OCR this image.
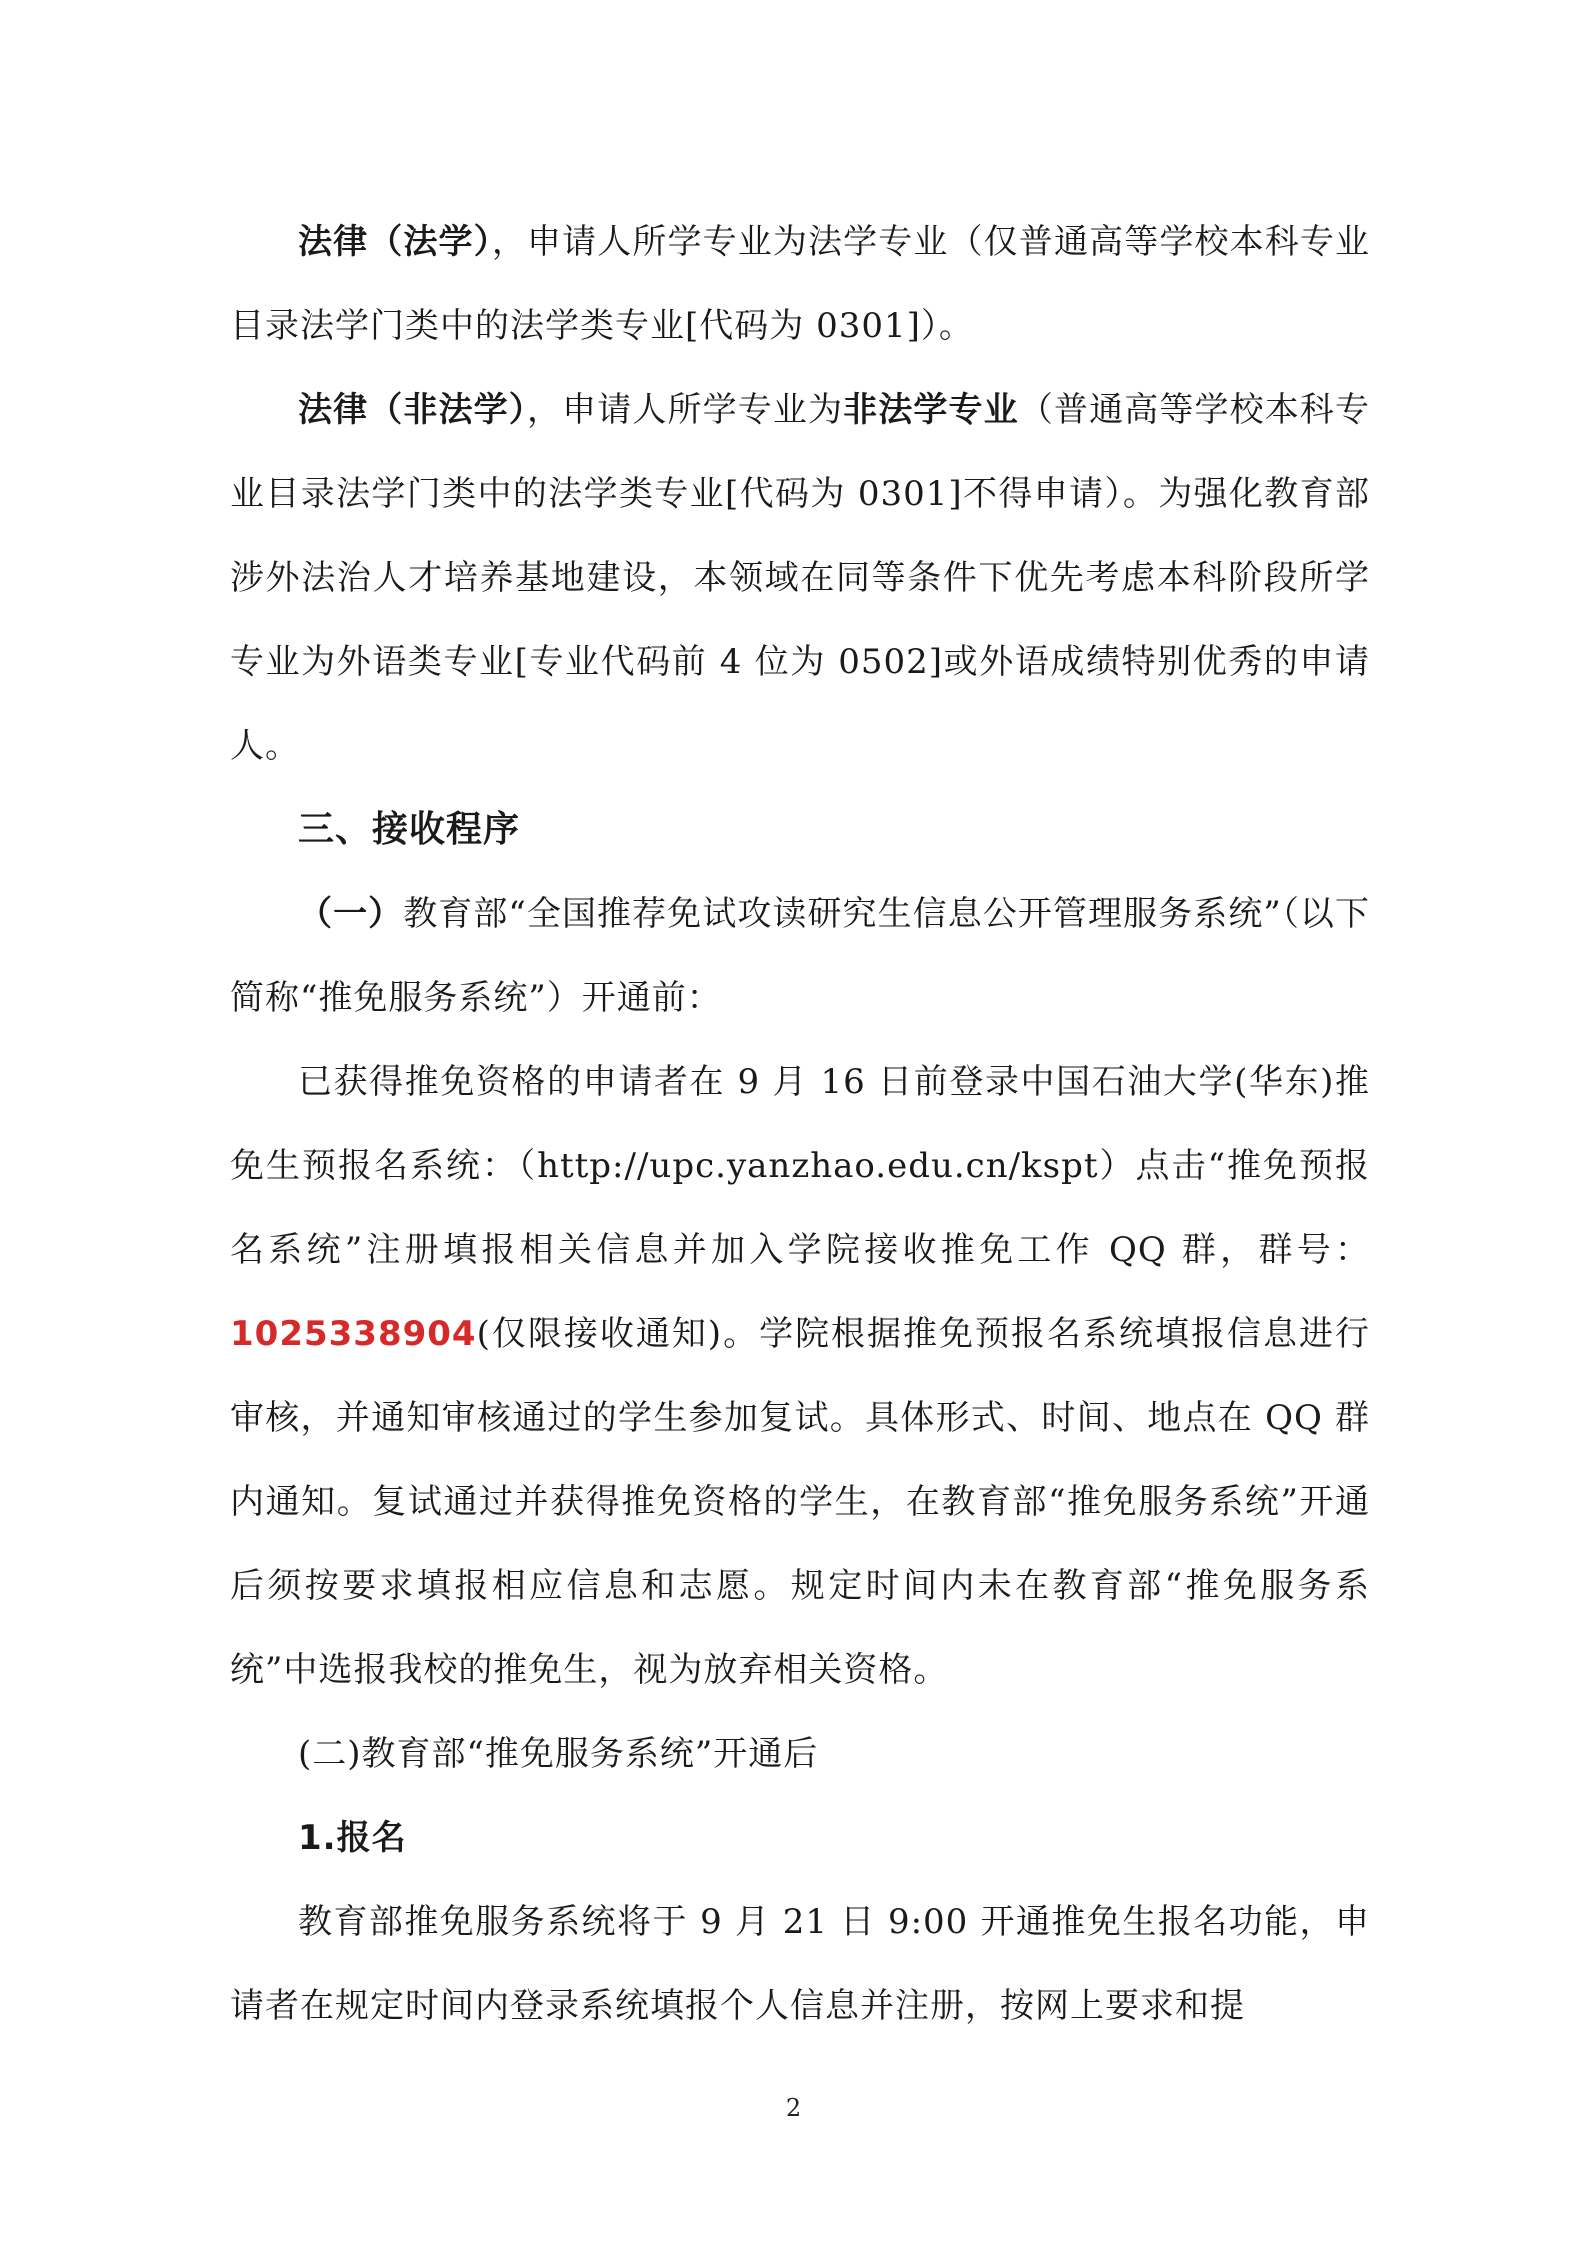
法律（法学），申请人所学专业为法学专业（仅普通高等学校本科专业目录法学门类中的法学类专业[代码为 0301]）。

法律（非法学），申请人所学专业为非法学专业（普通高等学校本科专业目录法学门类中的法学类专业[代码为 0301]不得申请）。为强化教育部涉外法治人才培养基地建设，本领域在同等条件下优先考虑本科阶段所学专业为外语类专业[专业代码前 4 位为 0502]或外语成绩特别优秀的申请人。

三、接收程序

（一）教育部“全国推荐免试攻读研究生信息公开管理服务系统”（以下简称“推免服务系统”）开通前：

已获得推免资格的申请者在 9 月 16 日前登录中国石油大学(华东)推免生预报名系统：（http://upc.yanzhao.edu.cn/kspt）点击“推免预报名系统”注册填报相关信息并加入学院接收推免工作 QQ 群，群号：1025338904(仅限接收通知)。学院根据推免预报名系统填报信息进行审核，并通知审核通过的学生参加复试。具体形式、时间、地点在 QQ 群内通知。复试通过并获得推免资格的学生，在教育部“推免服务系统”开通后须按要求填报相应信息和志愿。规定时间内未在教育部“推免服务系统”中选报我校的推免生，视为放弃相关资格。

(二)教育部“推免服务系统”开通后

1.报名

教育部推免服务系统将于 9 月 21 日 9:00 开通推免生报名功能，申请者在规定时间内登录系统填报个人信息并注册，按网上要求和提

2
